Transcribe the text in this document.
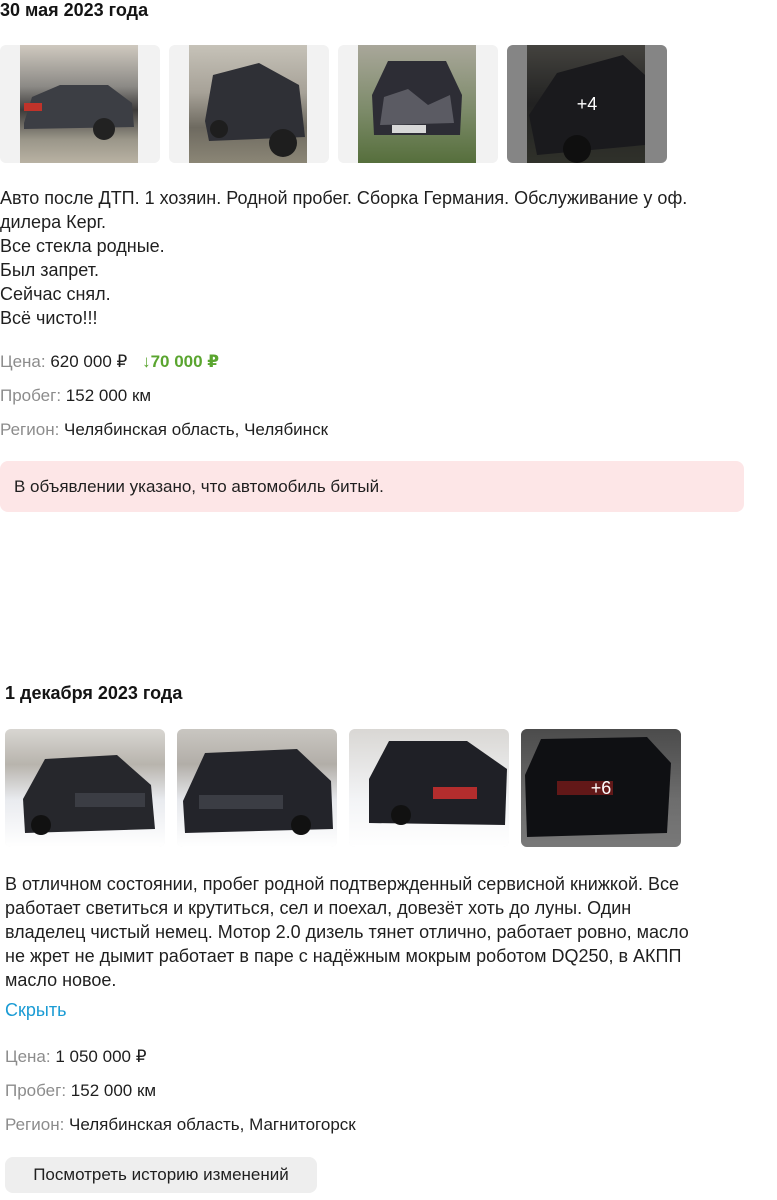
30 мая 2023 года
+4
Авто после ДТП. 1 хозяин. Родной пробег. Сборка Германия. Обслуживание у оф.
дилера Керг.
Все стекла родные.
Был запрет.
Сейчас снял.
Всё чисто!!!
Цена: 620 000 ₽ ↓70 000 ₽
Пробег: 152 000 км
Регион: Челябинская область, Челябинск
В объявлении указано, что автомобиль битый.
1 декабря 2023 года
+6
В отличном состоянии, пробег родной подтвержденный сервисной книжкой. Все
работает светиться и крутиться, сел и поехал, довезёт хоть до луны. Один
владелец чистый немец. Мотор 2.0 дизель тянет отлично, работает ровно, масло
не жрет не дымит работает в паре с надёжным мокрым роботом DQ250, в АКПП
масло новое.
Скрыть
Цена: 1 050 000 ₽
Пробег: 152 000 км
Регион: Челябинская область, Магнитогорск
Посмотреть историю изменений
